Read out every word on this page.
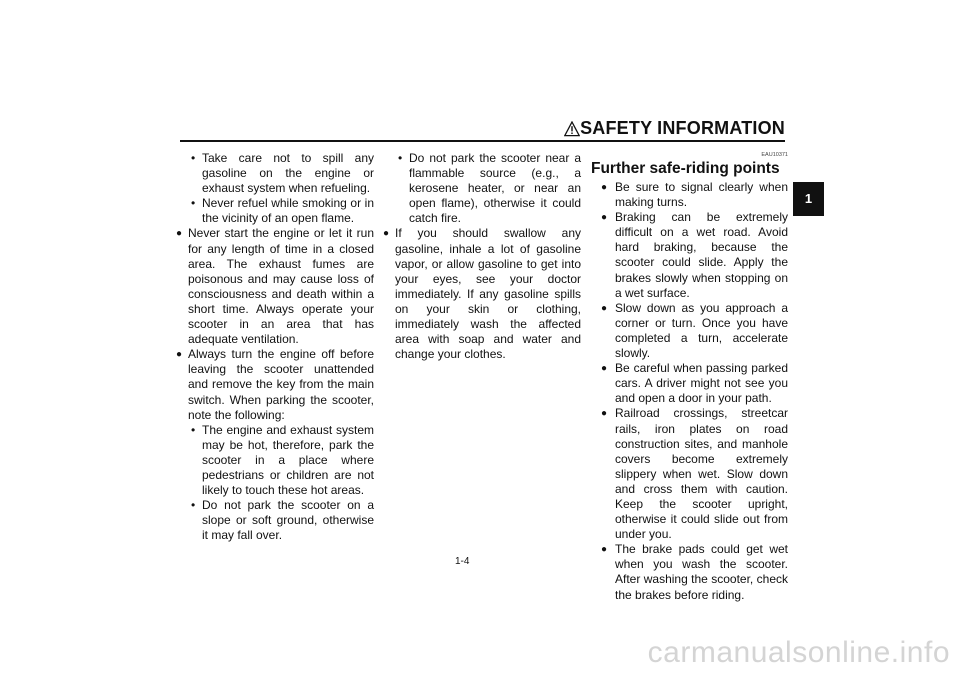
SAFETY INFORMATION
1

• Take care not to spill any gasoline on the engine or exhaust system when refueling.

• Never refuel while smoking or in the vicinity of an open flame.

● Never start the engine or let it run for any length of time in a closed area. The exhaust fumes are poisonous and may cause loss of consciousness and death within a short time. Always operate your scooter in an area that has adequate ventilation.

● Always turn the engine off before leaving the scooter unattended and remove the key from the main switch. When parking the scooter, note the following:

• The engine and exhaust system may be hot, therefore, park the scooter in a place where pedestrians or children are not likely to touch these hot areas.

• Do not park the scooter on a slope or soft ground, otherwise it may fall over.

• Do not park the scooter near a flammable source (e.g., a kerosene heater, or near an open flame), otherwise it could catch fire.

● If you should swallow any gasoline, inhale a lot of gasoline vapor, or allow gasoline to get into your eyes, see your doctor immediately. If any gasoline spills on your skin or clothing, immediately wash the affected area with soap and water and change your clothes.

EAU10371

Further safe-riding points

● Be sure to signal clearly when making turns.

● Braking can be extremely difficult on a wet road. Avoid hard braking, because the scooter could slide. Apply the brakes slowly when stopping on a wet surface.

● Slow down as you approach a corner or turn. Once you have completed a turn, accelerate slowly.

● Be careful when passing parked cars. A driver might not see you and open a door in your path.

● Railroad crossings, streetcar rails, iron plates on road construction sites, and manhole covers become extremely slippery when wet. Slow down and cross them with caution. Keep the scooter upright, otherwise it could slide out from under you.

● The brake pads could get wet when you wash the scooter. After washing the scooter, check the brakes before riding.

1-4
carmanualsonline.info
